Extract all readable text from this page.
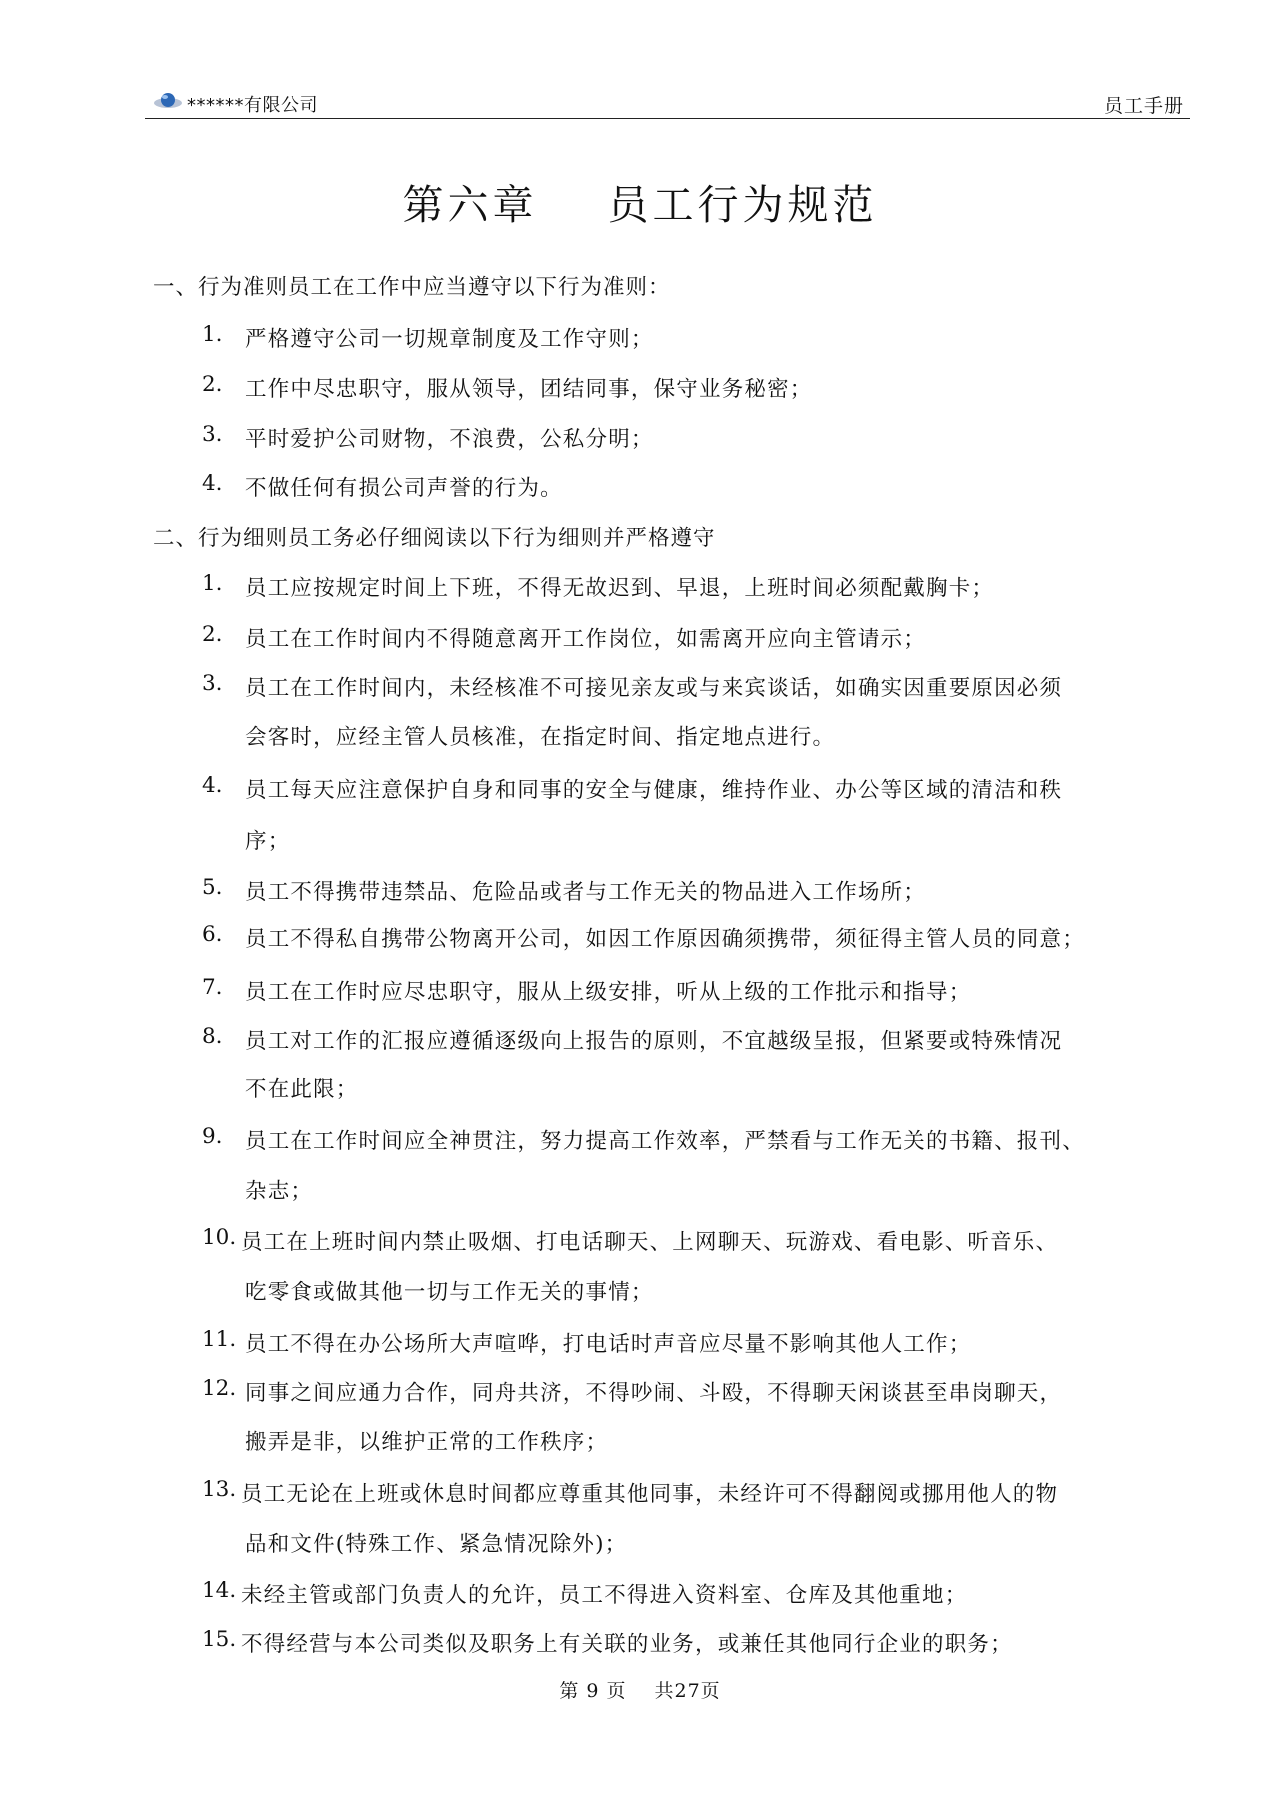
******有限公司	员工手册
第六章 员工行为规范
一、行为准则员工在工作中应当遵守以下行为准则：
1. 严格遵守公司一切规章制度及工作守则；
2. 工作中尽忠职守，服从领导，团结同事，保守业务秘密；
3. 平时爱护公司财物，不浪费，公私分明；
4. 不做任何有损公司声誉的行为。
二、行为细则员工务必仔细阅读以下行为细则并严格遵守
1. 员工应按规定时间上下班，不得无故迟到、早退，上班时间必须配戴胸卡；
2. 员工在工作时间内不得随意离开工作岗位，如需离开应向主管请示；
3. 员工在工作时间内，未经核准不可接见亲友或与来宾谈话，如确实因重要原因必须
会客时，应经主管人员核准，在指定时间、指定地点进行。
4. 员工每天应注意保护自身和同事的安全与健康，维持作业、办公等区域的清洁和秩
序；
5. 员工不得携带违禁品、危险品或者与工作无关的物品进入工作场所；
6. 员工不得私自携带公物离开公司，如因工作原因确须携带，须征得主管人员的同意；
7. 员工在工作时应尽忠职守，服从上级安排，听从上级的工作批示和指导；
8. 员工对工作的汇报应遵循逐级向上报告的原则，不宜越级呈报，但紧要或特殊情况
不在此限；
9. 员工在工作时间应全神贯注，努力提高工作效率，严禁看与工作无关的书籍、报刊、
杂志；
10. 员工在上班时间内禁止吸烟、打电话聊天、上网聊天、玩游戏、看电影、听音乐、
吃零食或做其他一切与工作无关的事情；
11. 员工不得在办公场所大声喧哗，打电话时声音应尽量不影响其他人工作；
12. 同事之间应通力合作，同舟共济，不得吵闹、斗殴，不得聊天闲谈甚至串岗聊天，
搬弄是非，以维护正常的工作秩序；
13. 员工无论在上班或休息时间都应尊重其他同事，未经许可不得翻阅或挪用他人的物
品和文件(特殊工作、紧急情况除外)；
14. 未经主管或部门负责人的允许，员工不得进入资料室、仓库及其他重地；
15. 不得经营与本公司类似及职务上有关联的业务，或兼任其他同行企业的职务；
第 9 页 共27页
